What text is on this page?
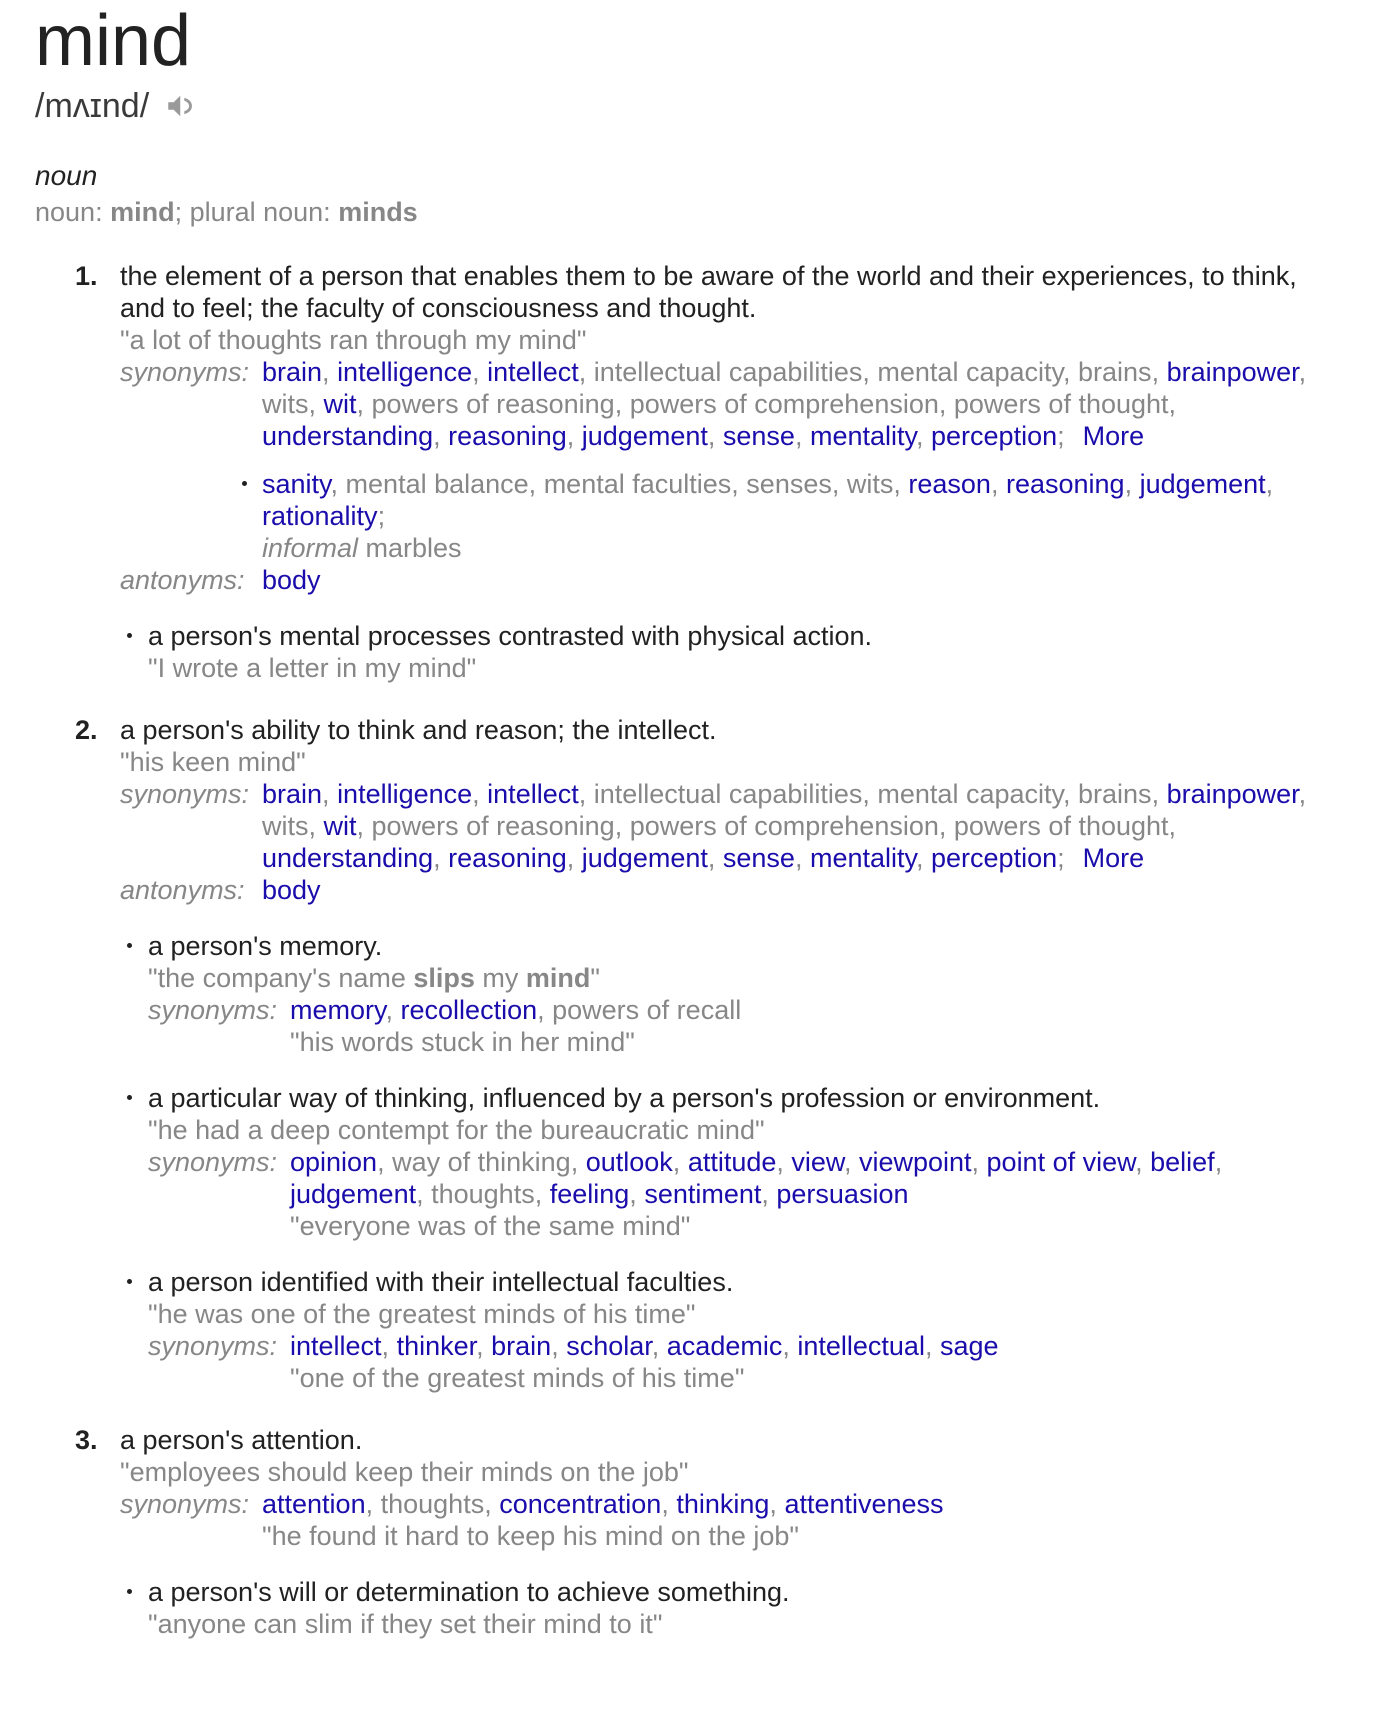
mind
/mʌɪnd/
noun
noun: mind; plural noun: minds
1. the element of a person that enables them to be aware of the world and their experiences, to think, and to feel; the faculty of consciousness and thought.
"a lot of thoughts ran through my mind"
synonyms: brain, intelligence, intellect, intellectual capabilities, mental capacity, brains, brainpower, wits, wit, powers of reasoning, powers of comprehension, powers of thought, understanding, reasoning, judgement, sense, mentality, perception; More
sanity, mental balance, mental faculties, senses, wits, reason, reasoning, judgement, rationality;
informal marbles
antonyms: body
a person's mental processes contrasted with physical action.
"I wrote a letter in my mind"
2. a person's ability to think and reason; the intellect.
"his keen mind"
synonyms: brain, intelligence, intellect, intellectual capabilities, mental capacity, brains, brainpower, wits, wit, powers of reasoning, powers of comprehension, powers of thought, understanding, reasoning, judgement, sense, mentality, perception; More
antonyms: body
a person's memory.
"the company's name slips my mind"
synonyms: memory, recollection, powers of recall
"his words stuck in her mind"
a particular way of thinking, influenced by a person's profession or environment.
"he had a deep contempt for the bureaucratic mind"
synonyms: opinion, way of thinking, outlook, attitude, view, viewpoint, point of view, belief, judgement, thoughts, feeling, sentiment, persuasion
"everyone was of the same mind"
a person identified with their intellectual faculties.
"he was one of the greatest minds of his time"
synonyms: intellect, thinker, brain, scholar, academic, intellectual, sage
"one of the greatest minds of his time"
3. a person's attention.
"employees should keep their minds on the job"
synonyms: attention, thoughts, concentration, thinking, attentiveness
"he found it hard to keep his mind on the job"
a person's will or determination to achieve something.
"anyone can slim if they set their mind to it"
